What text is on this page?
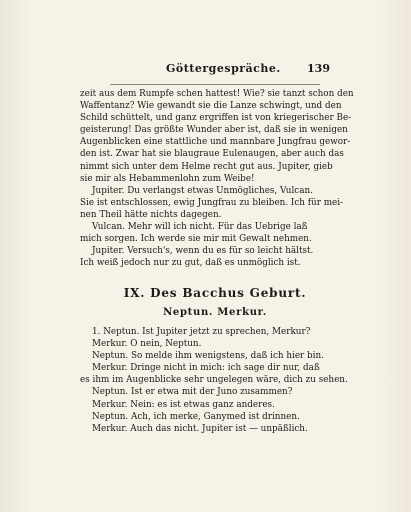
Göttergespräche. 139
zeit aus dem Rumpfe schen hattest! Wie? sie tanzt schon den
Waffentanz? Wie gewandt sie die Lanze schwingt, und den
Schild schüttelt, und ganz ergriffen ist von kriegerischer Be-
geisterung! Das größte Wunder aber ist, daß sie in wenigen
Augenblicken eine stattliche und mannbare Jungfrau gewor-
den ist. Zwar hat sie blaugraue Eulenaugen, aber auch das
nimmt sich unter dem Helme recht gut aus. Jupiter, gieb
sie mir als Hebammenlohn zum Weibe!
Jupiter. Du verlangst etwas Unmögliches, Vulcan.
Sie ist entschlossen, ewig Jungfrau zu bleiben. Ich für mei-
nen Theil hätte nichts dagegen.
Vulcan. Mehr will ich nicht. Für das Uebrige laß
mich sorgen. Ich werde sie mir mit Gewalt nehmen.
Jupiter. Versuch's, wenn du es für so leicht hältst.
Ich weiß jedoch nur zu gut, daß es unmöglich ist.
IX. Des Bacchus Geburt.
Neptun. Merkur.
1. Neptun. Ist Jupiter jetzt zu sprechen, Merkur?
Merkur. O nein, Neptun.
Neptun. So melde ihm wenigstens, daß ich hier bin.
Merkur. Dringe nicht in mich: ich sage dir nur, daß
es ihm im Augenblicke sehr ungelegen wäre, dich zu sehen.
Neptun. Ist er etwa mit der Juno zusammen?
Merkur. Nein: es ist etwas ganz anderes.
Neptun. Ach, ich merke, Ganymed ist drinnen.
Merkur. Auch das nicht. Jupiter ist — unpäßlich.
